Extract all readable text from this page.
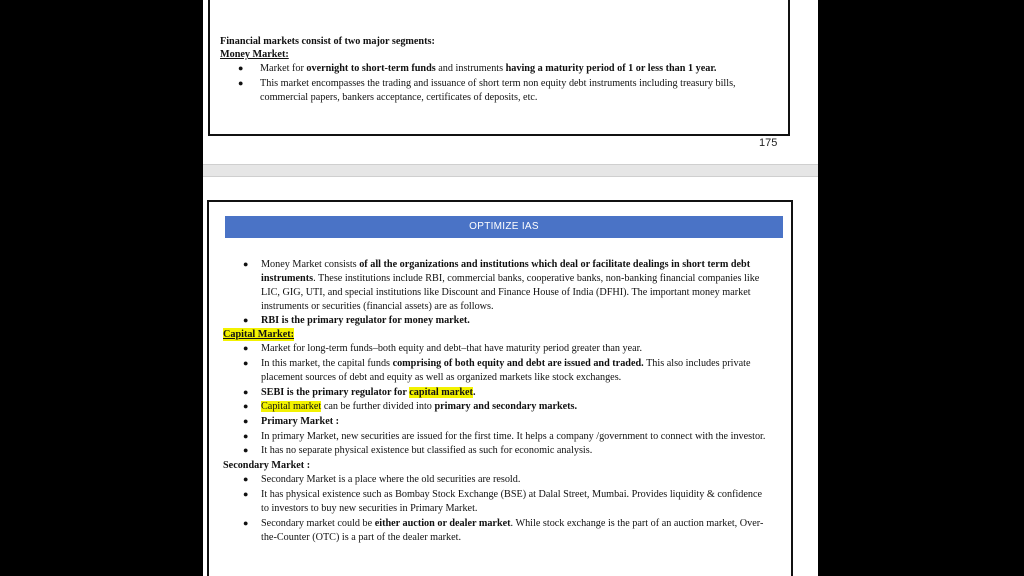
Financial markets consist of two major segments:
Money Market:
● Market for overnight to short-term funds and instruments having a maturity period of 1 or less than 1 year.
● This market encompasses the trading and issuance of short term non equity debt instruments including treasury bills,
commercial papers, bankers acceptance, certificates of deposits, etc.
175
OPTIMIZE IAS
● Money Market consists of all the organizations and institutions which deal or facilitate dealings in short term debt
instruments. These institutions include RBI, commercial banks, cooperative banks, non-banking financial companies like
LIC, GIG, UTI, and special institutions like Discount and Finance House of India (DFHI). The important money market
instruments or securities (financial assets) are as follows.
● RBI is the primary regulator for money market.
Capital Market:
● Market for long-term funds–both equity and debt–that have maturity period greater than year.
● In this market, the capital funds comprising of both equity and debt are issued and traded. This also includes private
placement sources of debt and equity as well as organized markets like stock exchanges.
● SEBI is the primary regulator for capital market.
● Capital market can be further divided into primary and secondary markets.
● Primary Market :
● In primary Market, new securities are issued for the first time. It helps a company /government to connect with the investor.
● It has no separate physical existence but classified as such for economic analysis.
Secondary Market :
● Secondary Market is a place where the old securities are resold.
● It has physical existence such as Bombay Stock Exchange (BSE) at Dalal Street, Mumbai. Provides liquidity & confidence
to investors to buy new securities in Primary Market.
● Secondary market could be either auction or dealer market. While stock exchange is the part of an auction market, Over-
the-Counter (OTC) is a part of the dealer market.
